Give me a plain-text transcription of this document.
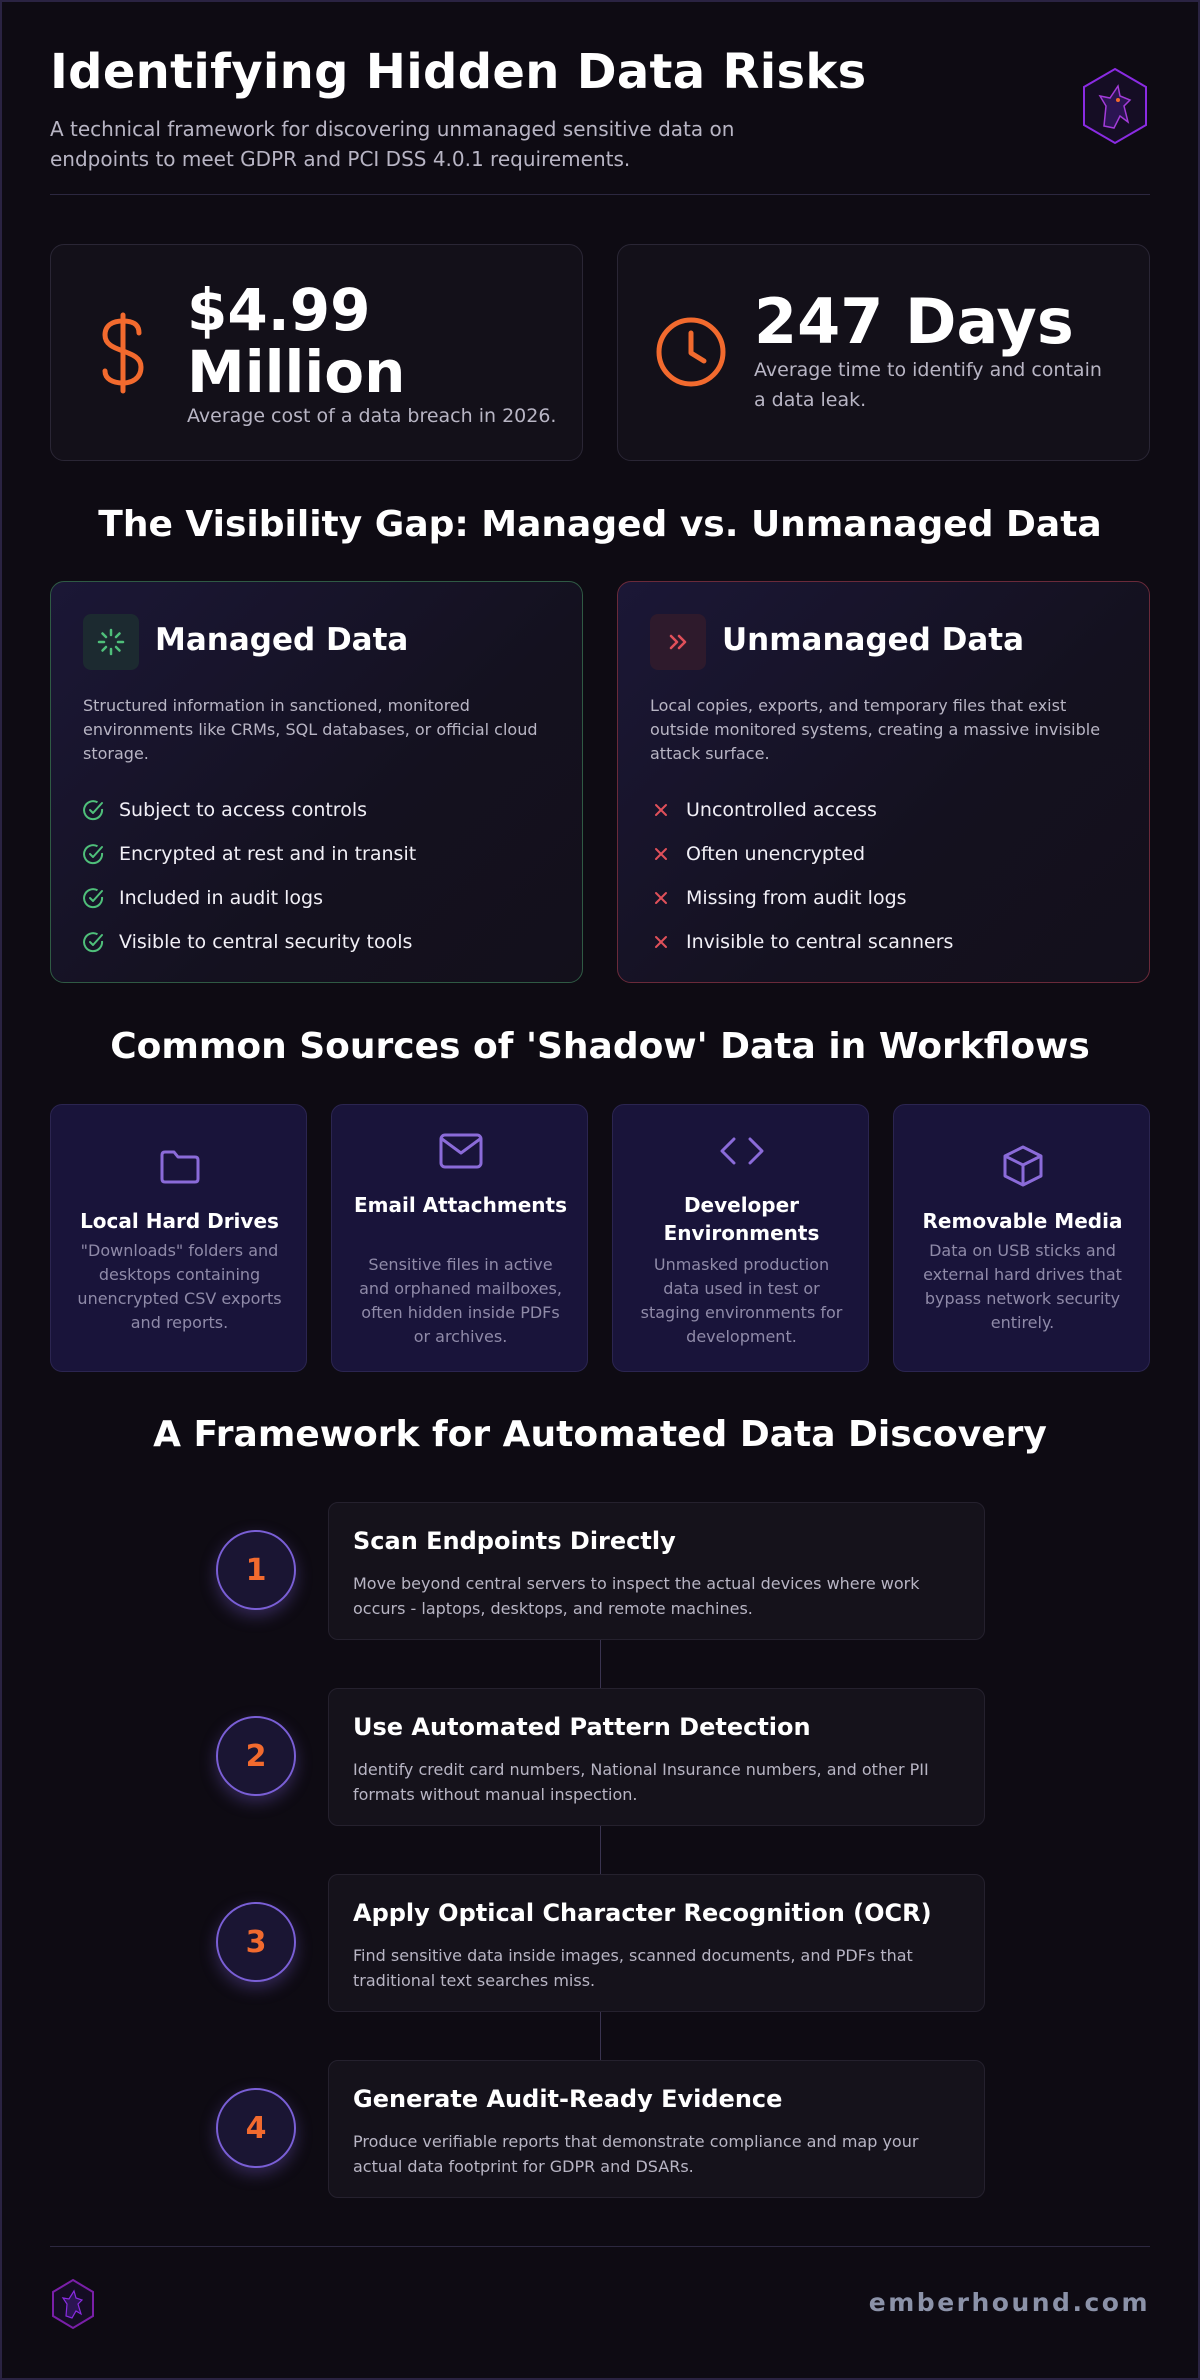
Identifying Hidden Data Risks

A technical framework for discovering unmanaged sensitive data on endpoints to meet GDPR and PCI DSS 4.0.1 requirements.

$4.99 Million
Average cost of a data breach in 2026.
247 Days
Average time to identify and contain a data leak.
The Visibility Gap: Managed vs. Unmanaged Data
Managed Data

Structured information in sanctioned, monitored environments like CRMs, SQL databases, or official cloud storage.

Subject to access controls
Encrypted at rest and in transit
Included in audit logs
Visible to central security tools
Unmanaged Data

Local copies, exports, and temporary files that exist outside monitored systems, creating a massive invisible attack surface.

Uncontrolled access
Often unencrypted
Missing from audit logs
Invisible to central scanners
Common Sources of 'Shadow' Data in Workflows
Local Hard Drives
"Downloads" folders and desktops containing unencrypted CSV exports and reports.
Email Attachments
Sensitive files in active and orphaned mailboxes, often hidden inside PDFs or archives.
Developer Environments
Unmasked production data used in test or staging environments for development.
Removable Media
Data on USB sticks and external hard drives that bypass network security entirely.
A Framework for Automated Data Discovery
1
Scan Endpoints Directly
Move beyond central servers to inspect the actual devices where work occurs - laptops, desktops, and remote machines.
2
Use Automated Pattern Detection
Identify credit card numbers, National Insurance numbers, and other PII formats without manual inspection.
3
Apply Optical Character Recognition (OCR)
Find sensitive data inside images, scanned documents, and PDFs that traditional text searches miss.
4
Generate Audit-Ready Evidence
Produce verifiable reports that demonstrate compliance and map your actual data footprint for GDPR and DSARs.
emberhound.com
